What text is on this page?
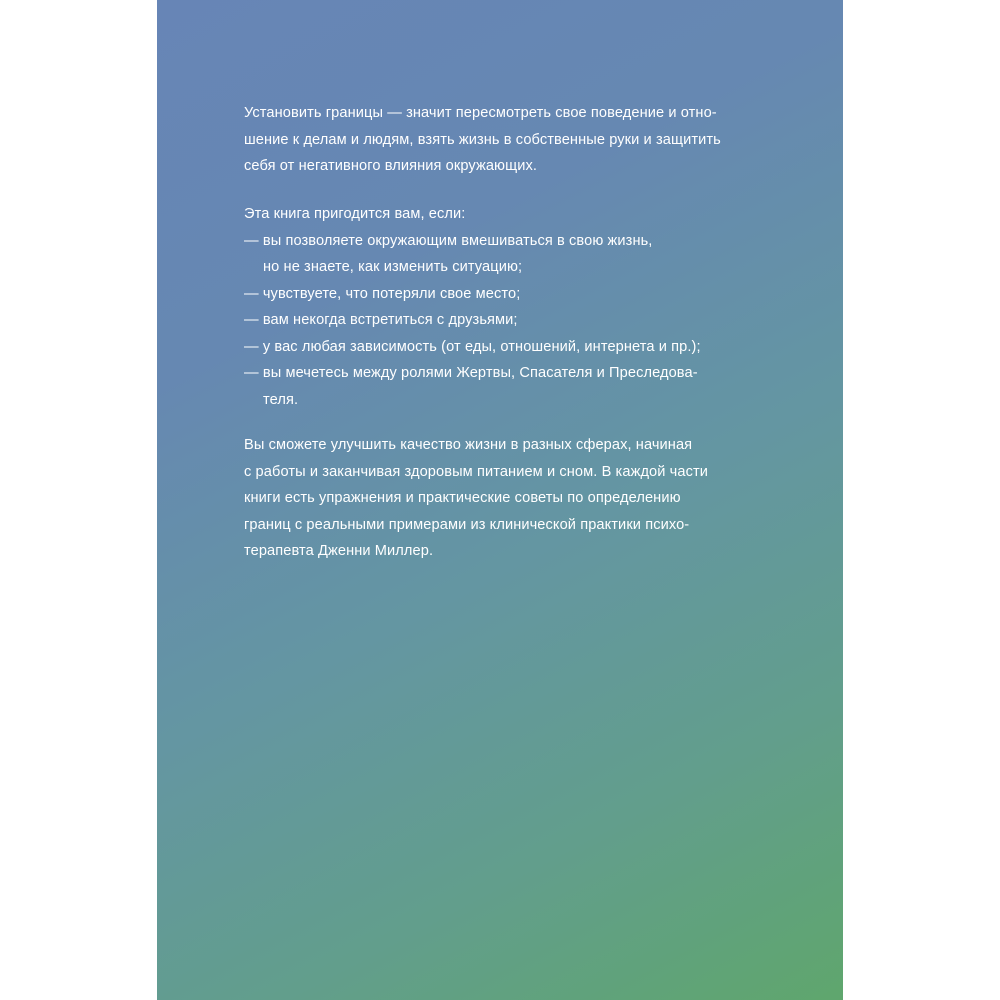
Установить границы — значит пересмотреть свое поведение и отно-
шение к делам и людям, взять жизнь в собственные руки и защитить
себя от негативного влияния окружающих.
Эта книга пригодится вам, если:
— вы позволяете окружающим вмешиваться в свою жизнь,
но не знаете, как изменить ситуацию;
— чувствуете, что потеряли свое место;
— вам некогда встретиться с друзьями;
— у вас любая зависимость (от еды, отношений, интернета и пр.);
— вы мечетесь между ролями Жертвы, Спасателя и Преследова-
теля.
Вы сможете улучшить качество жизни в разных сферах, начиная
с работы и заканчивая здоровым питанием и сном. В каждой части
книги есть упражнения и практические советы по определению
границ с реальными примерами из клинической практики психо-
терапевта Дженни Миллер.
